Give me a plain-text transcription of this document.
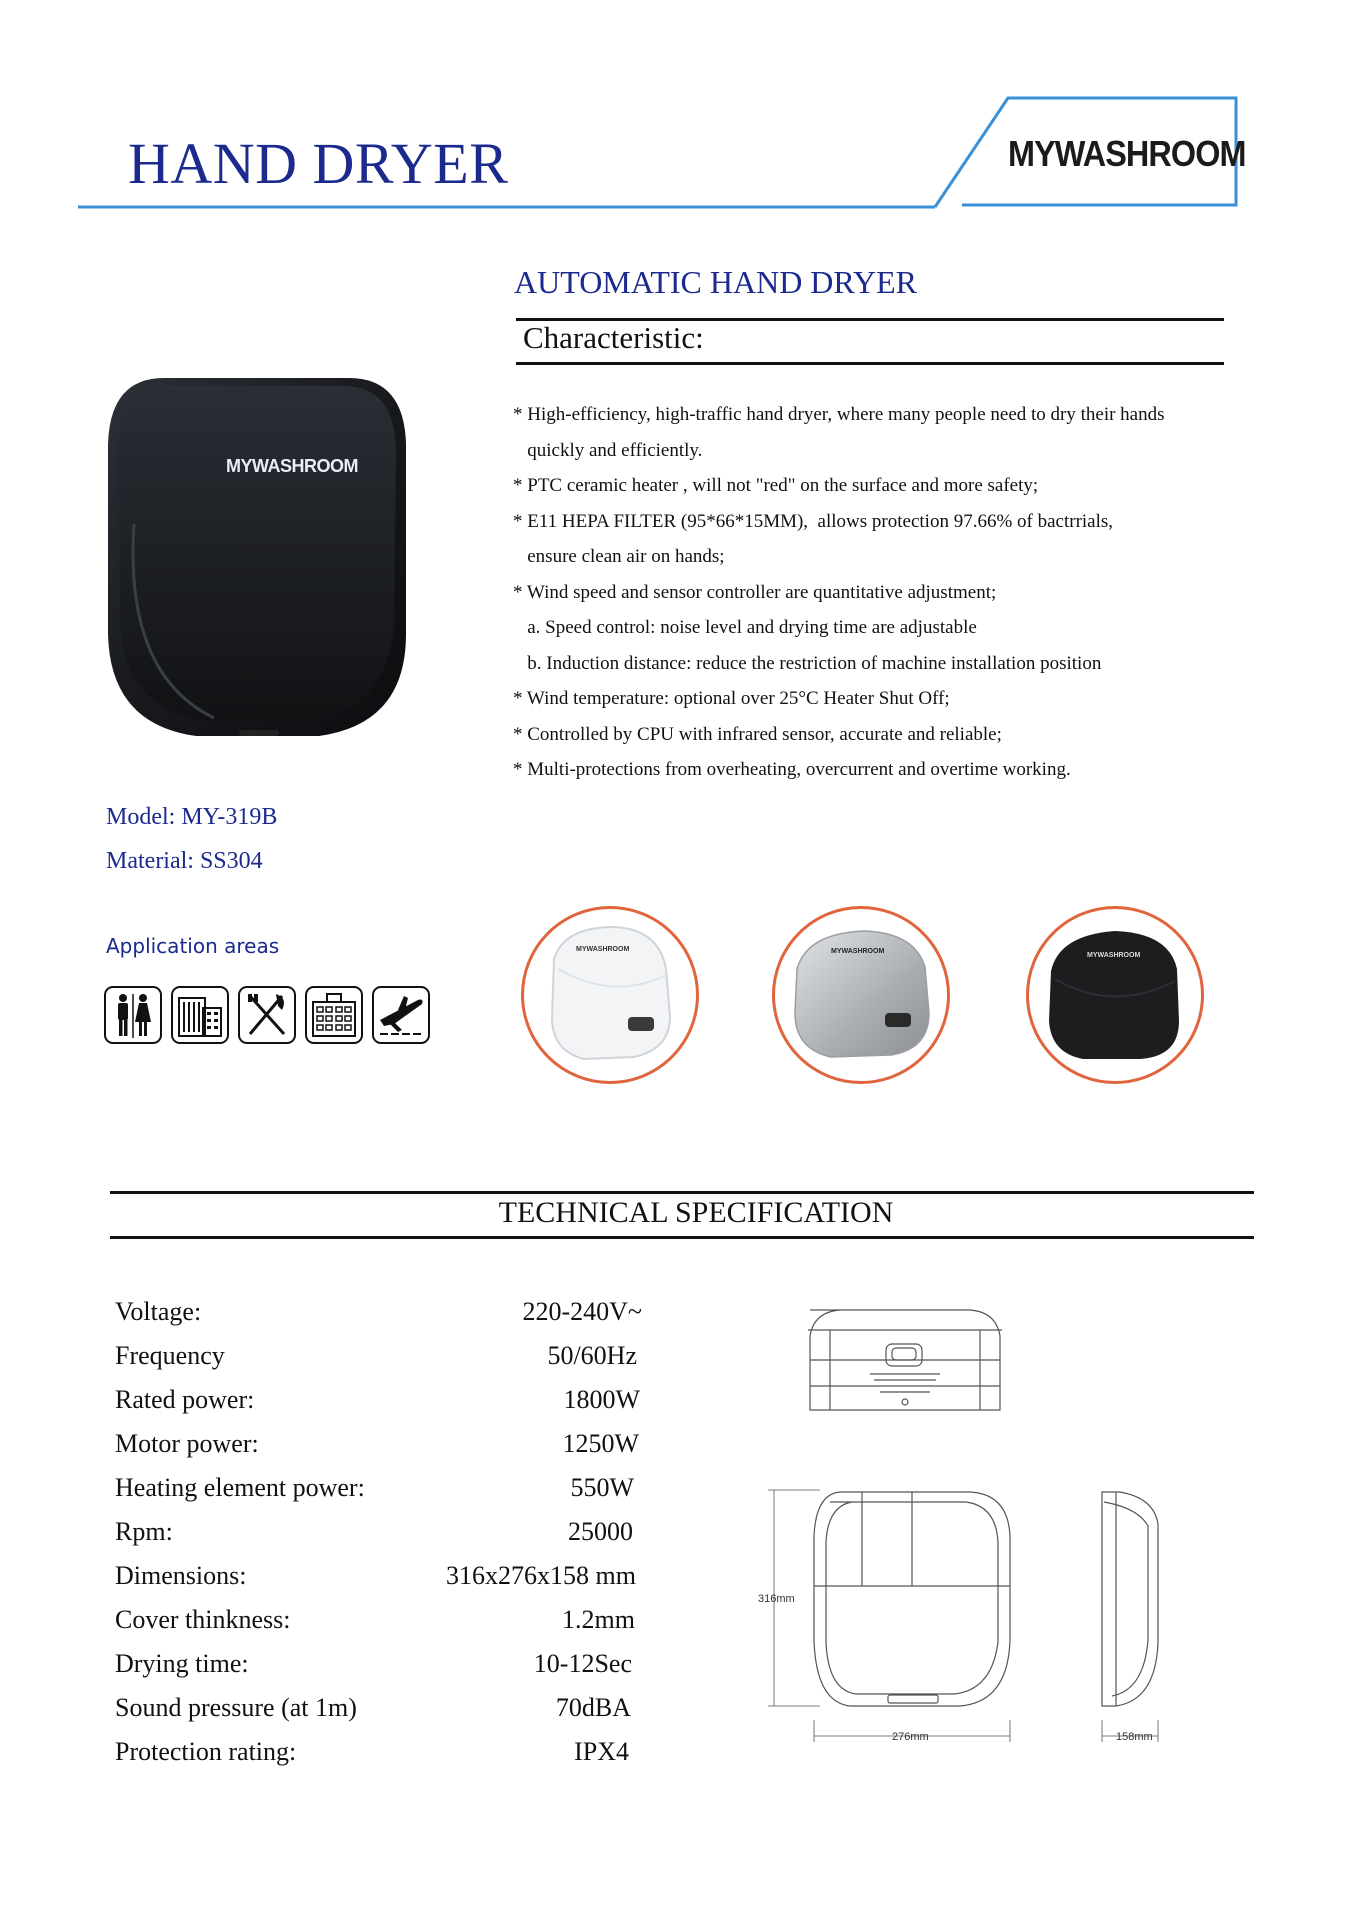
HAND DRYER	MYWASHROOM
AUTOMATIC HAND DRYER
Characteristic:
* High-efficiency, high-traffic hand dryer, where many people need to dry their hands
quickly and efficiently.
* PTC ceramic heater , will not "red" on the surface and more safety;
* E11 HEPA FILTER (95*66*15MM),  allows protection 97.66% of bactrrials,
ensure clean air on hands;
* Wind speed and sensor controller are quantitative adjustment;
a. Speed control: noise level and drying time are adjustable
b. Induction distance: reduce the restriction of machine installation position
* Wind temperature: optional over 25°C Heater Shut Off;
* Controlled by CPU with infrared sensor, accurate and reliable;
* Multi-protections from overheating, overcurrent and overtime working.
MYWASHROOM
Model: MY-319B
Material: SS304
Application areas	MYWASHROOM	MYWASHROOM
MYWASHROOM
TECHNICAL SPECIFICATION
Voltage:	220-240V~
Frequency	50/60Hz
Rated power:	1800W
Motor power:	1250W
Heating element power:	550W
Rpm:	25000
Dimensions:	316x276x158 mm
Cover thinkness:	1.2mm
Drying time:	10-12Sec
Sound pressure (at 1m)	70dBA
Protection rating:	IPX4
316mm
276mm	158mm
